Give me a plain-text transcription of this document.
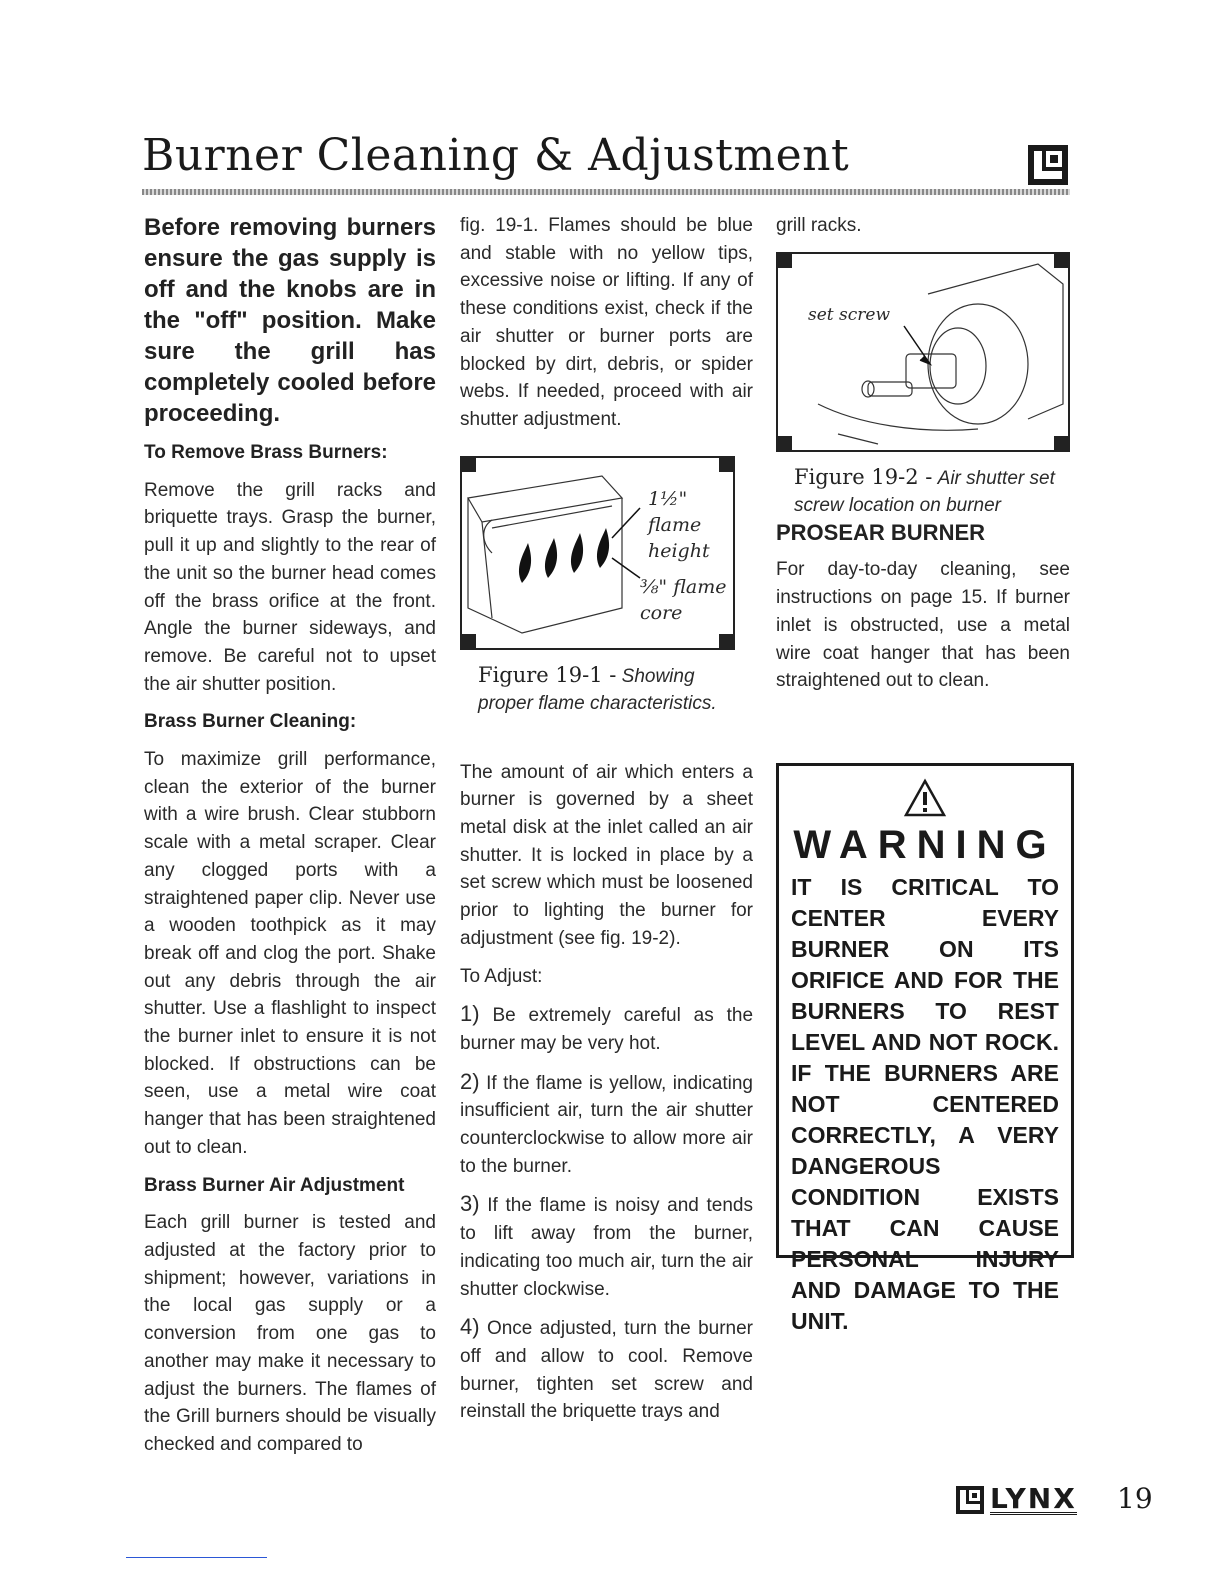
Burner Cleaning & Adjustment

Before removing burners ensure the gas supply is off and the knobs are in the "off" position. Make sure the grill has completely cooled before proceeding.

To Remove Brass Burners:

Remove the grill racks and briquette trays. Grasp the burner, pull it up and slightly to the rear of the unit so the burner head comes off the brass orifice at the front. Angle the burner sideways, and remove. Be careful not to upset the air shutter position.

Brass Burner Cleaning:

To maximize grill performance, clean the exterior of the burner with a wire brush. Clear stubborn scale with a metal scraper. Clear any clogged ports with a straightened paper clip. Never use a wooden toothpick as it may break off and clog the port. Shake out any debris through the air shutter. Use a flashlight to inspect the burner inlet to ensure it is not blocked. If obstructions can be seen, use a metal wire coat hanger that has been straightened out to clean.

Brass Burner Air Adjustment

Each grill burner is tested and adjusted at the factory prior to shipment; however, variations in the local gas supply or a conversion from one gas to another may make it necessary to adjust the burners. The flames of the Grill burners should be visually checked and compared to

fig. 19-1. Flames should be blue and stable with no yellow tips, excessive noise or lifting. If any of these conditions exist, check if the air shutter or burner ports are blocked by dirt, debris, or spider webs. If needed, proceed with air shutter adjustment.

1½" flame
height
⅜" flame
core
Figure 19-1 - Showing
proper flame characteristics.

The amount of air which enters a burner is governed by a sheet metal disk at the inlet called an air shutter. It is locked in place by a set screw which must be loosened prior to lighting the burner for adjustment (see fig. 19-2).

To Adjust:

1) Be extremely careful as the burner may be very hot.

2) If the flame is yellow, indicating insufficient air, turn the air shutter counterclockwise to allow more air to the burner.

3) If the flame is noisy and tends to lift away from the burner, indicating too much air, turn the air shutter clockwise.

4) Once adjusted, turn the burner off and allow to cool. Remove burner, tighten set screw and reinstall the briquette trays and

grill racks.

set screw
Figure 19-2 - Air shutter set
screw location on burner

PROSEAR BURNER

For day-to-day cleaning, see instructions on page 15. If burner inlet is obstructed, use a metal wire coat hanger that has been straightened out to clean.

WARNING

IT IS CRITICAL TO CENTER EVERY BURNER ON ITS ORIFICE AND FOR THE BURNERS TO REST LEVEL AND NOT ROCK. IF THE BURNERS ARE NOT CENTERED CORRECTLY, A VERY DANGEROUS CONDITION EXISTS THAT CAN CAUSE PERSONAL INJURY AND DAMAGE TO THE UNIT.

LYNX 19
